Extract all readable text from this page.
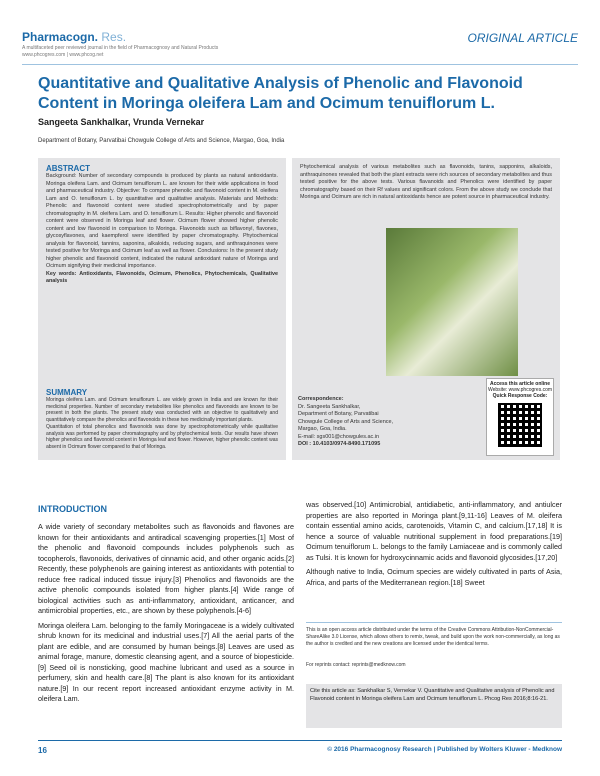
Pharmacogn. Res.
A multifaceted peer reviewed journal in the field of Pharmacognosy and Natural Products
www.phcogres.com | www.phcog.net
ORIGINAL ARTICLE
Quantitative and Qualitative Analysis of Phenolic and Flavonoid Content in Moringa oleifera Lam and Ocimum tenuiflorum L.
Sangeeta Sankhalkar, Vrunda Vernekar
Department of Botany, Parvatibai Chowgule College of Arts and Science, Margao, Goa, India
ABSTRACT
Background: Number of secondary compounds is produced by plants as natural antioxidants. Moringa oleifera Lam. and Ocimum tenuiflorum L. are known for their wide applications in food and pharmaceutical industry. Objective: To compare phenolic and flavonoid content in M. oleifera Lam and O. tenuiflorum L. by quantitative and qualitative analysis. Materials and Methods: Phenolic and flavonoid content were studied spectrophotometrically and by paper chromatography in M. oleifera Lam. and O. tenuiflorum L. Results: Higher phenolic and flavonoid content were observed in Moringa leaf and flower. Ocimum flower showed higher phenolic content and low flavonoid in comparison to Moringa. Flavonoids such as biflavonyl, flavones, glycosyflavones, and kaempferol were identified by paper chromatography. Phytochemical analysis for flavonoid, tannins, saponins, alkaloids, reducing sugars, and anthraquinones were tested positive for Moringa and Ocimum leaf as well as flower. Conclusions: In the present study higher phenolic and flavonoid content, indicated the natural antioxidant nature of Moringa and Ocimum signifying their medicinal importance.
Key words: Antioxidants, Flavonoids, Ocimum, Phenolics, Phytochemicals, Qualitative analysis
SUMMARY
Moringa oleifera Lam. and Ocimum tenuiflorum L. are widely grown in India and are known for their medicinal properties. Number of secondary metabolites like phenolics and flavonoids are known to be present in both the plants. The present study was conducted with an objective to qualitatively and quantitatively compare the phenolics and flavonoids in these two medicinally important plants.
Quantitation of total phenolics and flavonoids was done by spectrophotometrically while qualitative analysis was performed by paper chromatography and by phytochemical tests. Our results have shown higher phenolics and flavonoid content in Moringa leaf and flower. However, higher phenolic content was absent in Ocimum flower compared to that of Moringa.
Phytochemical analysis of various metabolites such as flavonoids, tanins, sapponins, alkaloids, anthraquinones revealed that both the plant extracts were rich sources of secondary metabolites and thus tested positive for the above tests. Various flavanoids and Phenolics were identified by paper chromatography based on their Rf values and significant colors. From the above study we conclude that Moringa and Ocimum are rich in natural antioxidants hence are potent source in pharmaceutical industry.
Access this article online
Website: www.phcogres.com
Quick Response Code:
Correspondence:
Dr. Sangeeta Sankhalkar,
Department of Botany, Parvatibai
Chowgule College of Arts and Science,
Margao, Goa, India.
E-mail: sgs001@chowgules.ac.in
DOI : 10.4103/0974-8490.171095
INTRODUCTION
A wide variety of secondary metabolites such as flavonoids and flavones are known for their antioxidants and antiradical scavenging properties.[1] Most of the phenolic and flavonoid compounds includes polyphenols such as tocopherols, flavonoids, derivatives of cinnamic acid, and other organic acids.[2] Recently, these polyphenols are gaining interest as antioxidants with potential to reduce free radical induced tissue injury.[3] Phenolics and flavonoids are the active phenolic compounds isolated from higher plants.[4] Wide range of biological activities such as anti-inflammatory, antioxidant, anticancer, and antimicrobial properties, etc., are shown by these polyphenols.[4-6]
Moringa oleifera Lam. belonging to the family Moringaceae is a widely cultivated shrub known for its medicinal and industrial uses.[7] All the aerial parts of the plant are edible, and are consumed by human beings.[8] Leaves are used as animal forage, manure, domestic cleansing agent, and a source of biopesticide.[9] Seed oil is nonsticking, good machine lubricant and used as a source in perfumery, skin and health care.[8] The plant is also known for its antioxidant nature.[9] In our recent report increased antioxidant enzyme activity in M. oleifera Lam.
was observed.[10] Antimicrobial, antidiabetic, anti-inflammatory, and antiulcer properties are also reported in Moringa plant.[9,11-16] Leaves of M. oleifera contain essential amino acids, carotenoids, Vitamin C, and calcium.[17,18] It is hence a source of valuable nutritional supplement in food preparations.[19] Ocimum tenuiflorum L. belongs to the family Lamiaceae and is commonly called as Tulsi. It is known for hydroxycinnamic acids and flavonoid glycosides.[17,20]
Although native to India, Ocimum species are widely cultivated in parts of Asia, Africa, and parts of the Mediterranean region.[18] Sweet
This is an open access article distributed under the terms of the Creative Commons Attribution-NonCommercial-ShareAlike 3.0 License, which allows others to remix, tweak, and build upon the work non-commercially, as long as the author is credited and the new creations are licensed under the identical terms.
For reprints contact: reprints@medknow.com
Cite this article as: Sankhalkar S, Vernekar V. Quantitative and Qualitative analysis of Phenolic and Flavonoid content in Moringa oleifera Lam and Ocimum tenuiflorum L. Phcog Res 2016;8:16-21.
16	© 2016 Pharmacognosy Research | Published by Wolters Kluwer - Medknow
